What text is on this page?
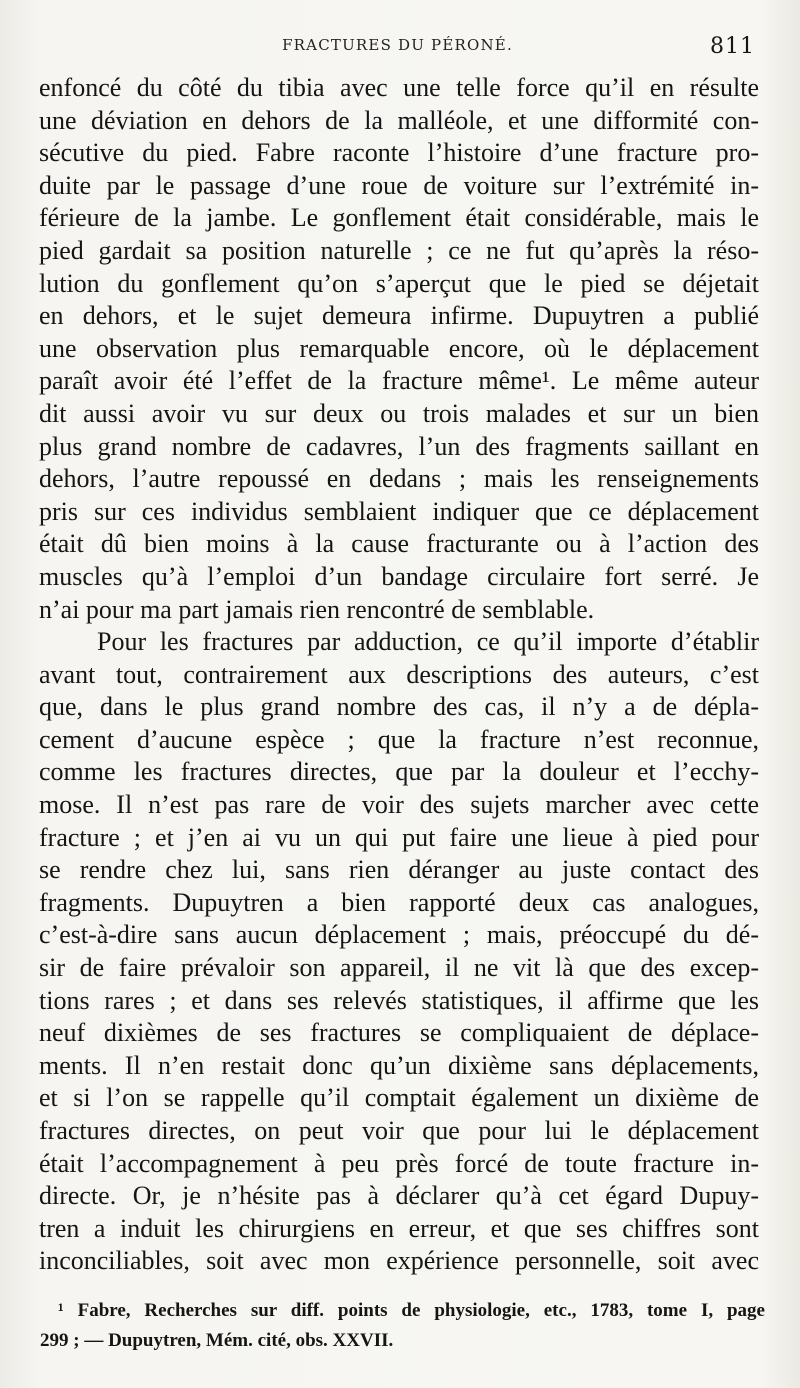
FRACTURES DU PÉRONÉ.	811
enfoncé du côté du tibia avec une telle force qu’il en résulte
une déviation en dehors de la malléole, et une difformité con-
sécutive du pied. Fabre raconte l’histoire d’une fracture pro-
duite par le passage d’une roue de voiture sur l’extrémité in-
férieure de la jambe. Le gonflement était considérable, mais le
pied gardait sa position naturelle ; ce ne fut qu’après la réso-
lution du gonflement qu’on s’aperçut que le pied se déjetait
en dehors, et le sujet demeura infirme. Dupuytren a publié
une observation plus remarquable encore, où le déplacement
paraît avoir été l’effet de la fracture même¹. Le même auteur
dit aussi avoir vu sur deux ou trois malades et sur un bien
plus grand nombre de cadavres, l’un des fragments saillant en
dehors, l’autre repoussé en dedans ; mais les renseignements
pris sur ces individus semblaient indiquer que ce déplacement
était dû bien moins à la cause fracturante ou à l’action des
muscles qu’à l’emploi d’un bandage circulaire fort serré. Je
n’ai pour ma part jamais rien rencontré de semblable.
Pour les fractures par adduction, ce qu’il importe d’établir
avant tout, contrairement aux descriptions des auteurs, c’est
que, dans le plus grand nombre des cas, il n’y a de dépla-
cement d’aucune espèce ; que la fracture n’est reconnue,
comme les fractures directes, que par la douleur et l’ecchy-
mose. Il n’est pas rare de voir des sujets marcher avec cette
fracture ; et j’en ai vu un qui put faire une lieue à pied pour
se rendre chez lui, sans rien déranger au juste contact des
fragments. Dupuytren a bien rapporté deux cas analogues,
c’est-à-dire sans aucun déplacement ; mais, préoccupé du dé-
sir de faire prévaloir son appareil, il ne vit là que des excep-
tions rares ; et dans ses relevés statistiques, il affirme que les
neuf dixièmes de ses fractures se compliquaient de déplace-
ments. Il n’en restait donc qu’un dixième sans déplacements,
et si l’on se rappelle qu’il comptait également un dixième de
fractures directes, on peut voir que pour lui le déplacement
était l’accompagnement à peu près forcé de toute fracture in-
directe. Or, je n’hésite pas à déclarer qu’à cet égard Dupuy-
tren a induit les chirurgiens en erreur, et que ses chiffres sont
inconciliables, soit avec mon expérience personnelle, soit avec
¹ Fabre, Recherches sur diff. points de physiologie, etc., 1783, tome I, page
299 ; — Dupuytren, Mém. cité, obs. XXVII.
